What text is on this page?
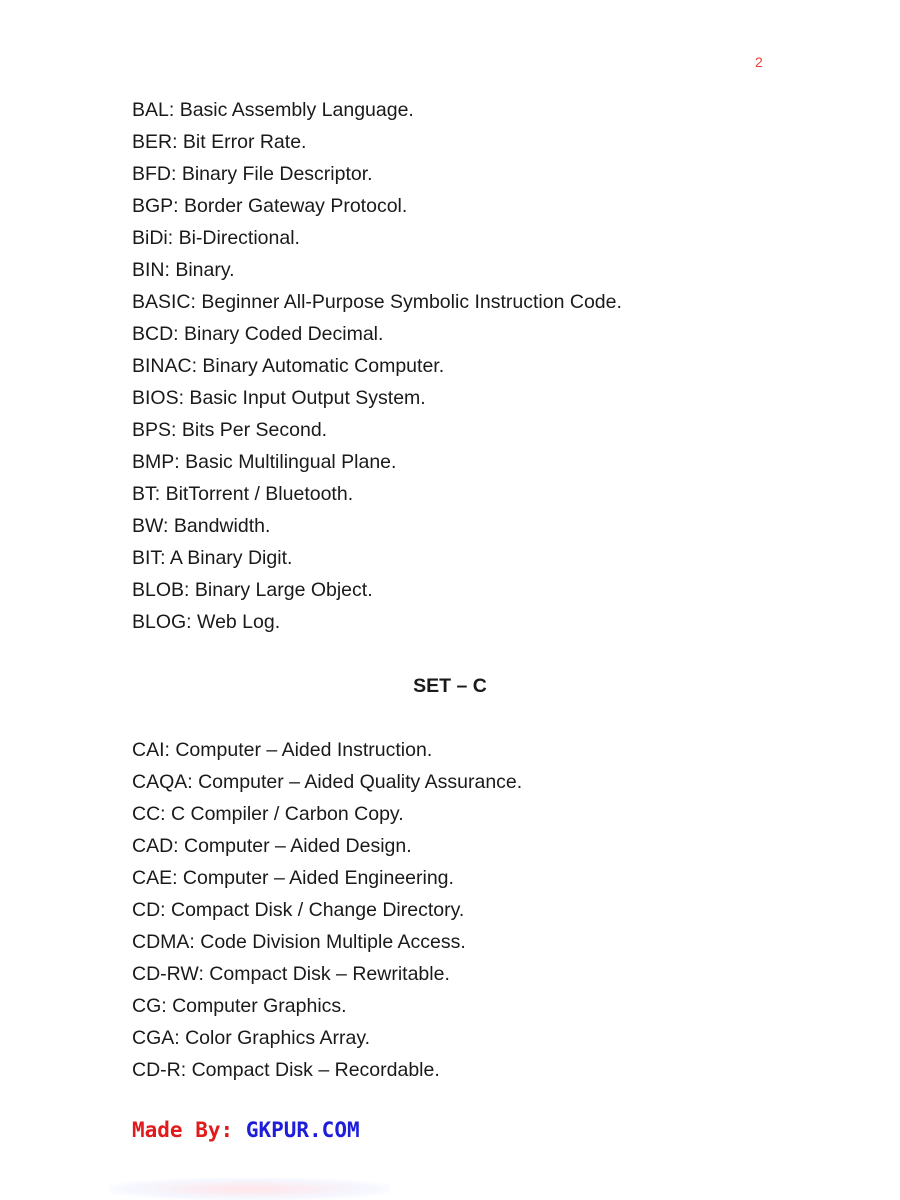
2
BAL: Basic Assembly Language.
BER: Bit Error Rate.
BFD: Binary File Descriptor.
BGP: Border Gateway Protocol.
BiDi: Bi-Directional.
BIN: Binary.
BASIC: Beginner All-Purpose Symbolic Instruction Code.
BCD: Binary Coded Decimal.
BINAC: Binary Automatic Computer.
BIOS: Basic Input Output System.
BPS: Bits Per Second.
BMP: Basic Multilingual Plane.
BT: BitTorrent / Bluetooth.
BW: Bandwidth.
BIT: A Binary Digit.
BLOB: Binary Large Object.
BLOG: Web Log.
SET – C
CAI: Computer – Aided Instruction.
CAQA: Computer – Aided Quality Assurance.
CC: C Compiler / Carbon Copy.
CAD: Computer – Aided Design.
CAE: Computer – Aided Engineering.
CD: Compact Disk / Change Directory.
CDMA: Code Division Multiple Access.
CD-RW: Compact Disk – Rewritable.
CG: Computer Graphics.
CGA: Color Graphics Array.
CD-R: Compact Disk – Recordable.
Made By: GKPUR.COM
